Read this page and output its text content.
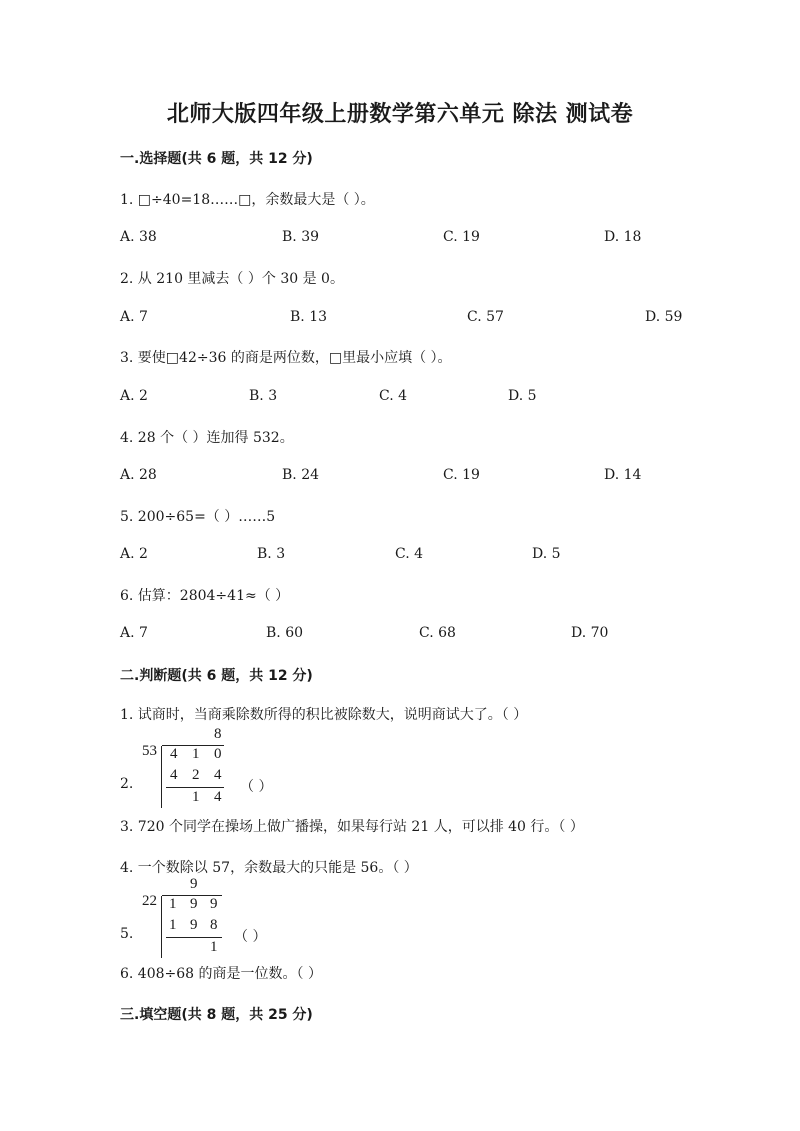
北师大版四年级上册数学第六单元 除法 测试卷
一.选择题(共 6 题，共 12 分)
1. □÷40=18……□，余数最大是（ ）。
A. 38	B. 39	C. 19	D. 18
2. 从 210 里减去（ ）个 30 是 0。
A. 7	B. 13	C. 57	D. 59
3. 要使□42÷36 的商是两位数，□里最小应填（ ）。
A. 2	B. 3	C. 4	D. 5
4. 28 个（ ）连加得 532。
A. 28	B. 24	C. 19	D. 14
5. 200÷65=（ ）……5
A. 2	B. 3	C. 4	D. 5
6. 估算：2804÷41≈（ ）
A. 7	B. 60	C. 68	D. 70
二.判断题(共 6 题，共 12 分)
1. 试商时，当商乘除数所得的积比被除数大，说明商试大了。（ ）
2.
8
53 4 1 0
4 2 4
1 4
（ ）
3. 720 个同学在操场上做广播操，如果每行站 21 人，可以排 40 行。（ ）
4. 一个数除以 57，余数最大的只能是 56。（ ）
5.
9
22 1 9 9
1 9 8
1
（ ）
6. 408÷68 的商是一位数。（ ）
三.填空题(共 8 题，共 25 分)
